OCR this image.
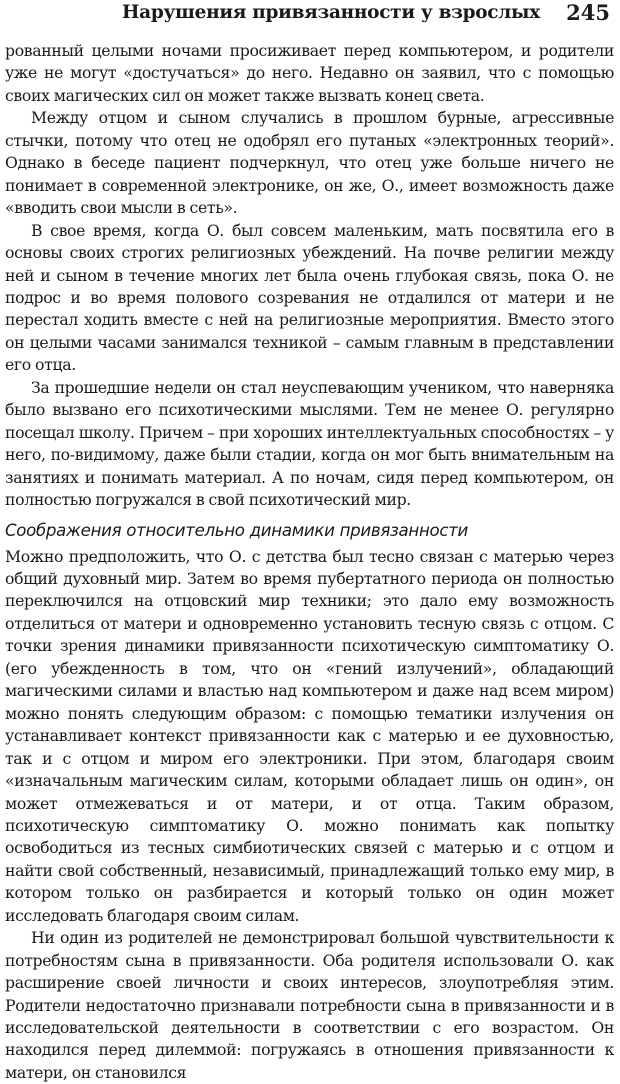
Нарушения привязанности у взрослых 245

рованный целыми ночами просиживает перед компьютером, и родители уже не могут «достучаться» до него. Недавно он заявил, что с помощью своих магических сил он может также вызвать конец света.

Между отцом и сыном случались в прошлом бурные, агрессивные стычки, потому что отец не одобрял его путаных «электронных теорий». Однако в беседе пациент подчеркнул, что отец уже больше ничего не понимает в современной электронике, он же, О., имеет возможность даже «вводить свои мысли в сеть».

В свое время, когда О. был совсем маленьким, мать посвятила его в основы своих строгих религиозных убеждений. На почве религии между ней и сыном в течение многих лет была очень глубокая связь, пока О. не подрос и во время полового созревания не отдалился от матери и не перестал ходить вместе с ней на религиозные мероприятия. Вместо этого он целыми часами занимался техникой – самым главным в представлении его отца.

За прошедшие недели он стал неуспевающим учеником, что наверняка было вызвано его психотическими мыслями. Тем не менее О. регулярно посещал школу. Причем – при хороших интеллектуальных способностях – у него, по-видимому, даже были стадии, когда он мог быть внимательным на занятиях и понимать материал. А по ночам, сидя перед компьютером, он полностью погружался в свой психотический мир.

Соображения относительно динамики привязанности

Можно предположить, что О. с детства был тесно связан с матерью через общий духовный мир. Затем во время пубертатного периода он полностью переключился на отцовский мир техники; это дало ему возможность отделиться от матери и одновременно установить тесную связь с отцом. С точки зрения динамики привязанности психотическую симптоматику О. (его убежденность в том, что он «гений излучений», обладающий магическими силами и властью над компьютером и даже над всем миром) можно понять следующим образом: с помощью тематики излучения он устанавливает контекст привязанности как с матерью и ее духовностью, так и с отцом и миром его электроники. При этом, благодаря своим «изначальным магическим силам, которыми обладает лишь он один», он может отмежеваться и от матери, и от отца. Таким образом, психотическую симптоматику О. можно понимать как попытку освободиться из тесных симбиотических связей с матерью и с отцом и найти свой собственный, независимый, принадлежащий только ему мир, в котором только он разбирается и который только он один может исследовать благодаря своим силам.

Ни один из родителей не демонстрировал большой чувствительности к потребностям сына в привязанности. Оба родителя использовали О. как расширение своей личности и своих интересов, злоупотребляя этим. Родители недостаточно признавали потребности сына в привязанности и в исследовательской деятельности в соответствии с его возрастом. Он находился перед дилеммой: погружаясь в отношения привязанности к матери, он становился
